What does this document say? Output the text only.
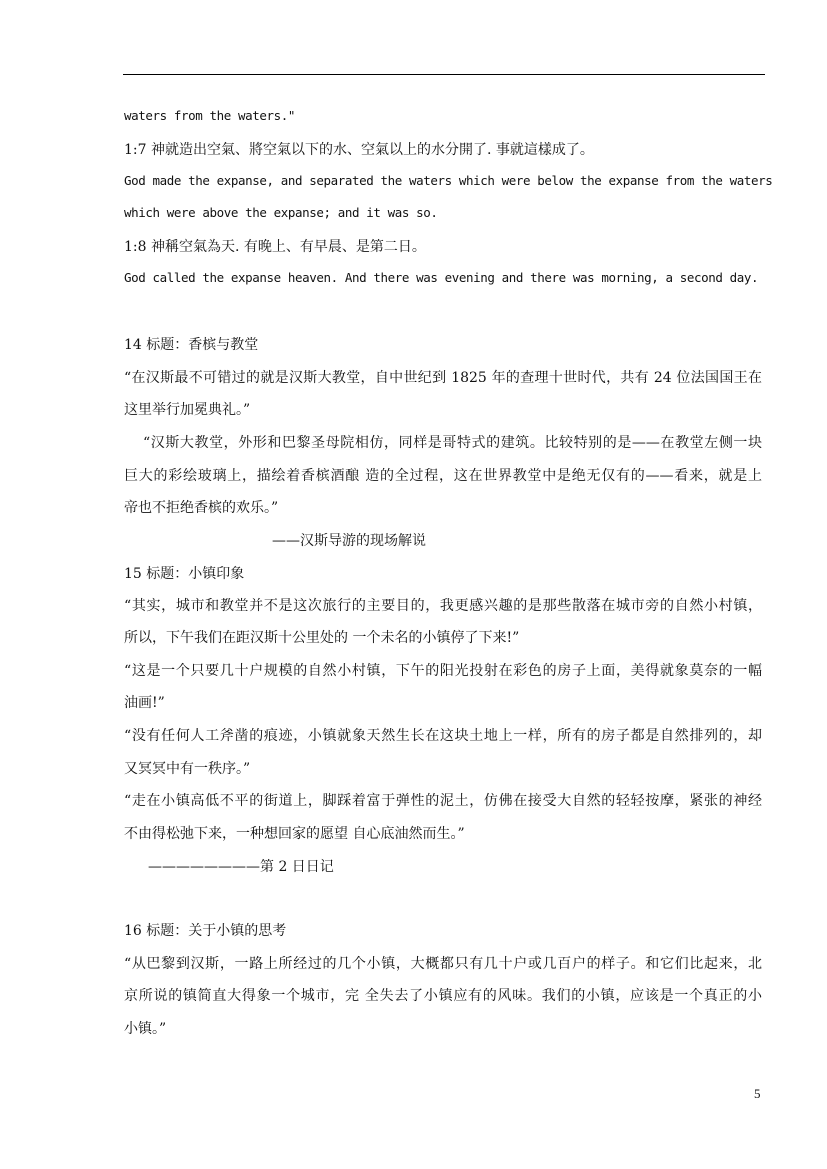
waters from the waters."
1:7 神就造出空氣、將空氣以下的水、空氣以上的水分開了. 事就這樣成了。
God made the expanse, and separated the waters which were below the expanse from the waters
which were above the expanse; and it was so.
1:8 神稱空氣為天. 有晚上、有早晨、是第二日。
God called the expanse heaven. And there was evening and there was morning, a second day.
14 标题：香槟与教堂
“在汉斯最不可错过的就是汉斯大教堂，自中世纪到 1825 年的查理十世时代，共有 24 位法国国王在
这里举行加冕典礼。”
“汉斯大教堂，外形和巴黎圣母院相仿，同样是哥特式的建筑。比较特别的是——在教堂左侧一块
巨大的彩绘玻璃上，描绘着香槟酒酿 造的全过程，这在世界教堂中是绝无仅有的——看来，就是上
帝也不拒绝香槟的欢乐。”
——汉斯导游的现场解说
15 标题：小镇印象
“其实，城市和教堂并不是这次旅行的主要目的，我更感兴趣的是那些散落在城市旁的自然小村镇，
所以，下午我们在距汉斯十公里处的 一个未名的小镇停了下来!”
“这是一个只要几十户规模的自然小村镇，下午的阳光投射在彩色的房子上面，美得就象莫奈的一幅
油画!”
“没有任何人工斧凿的痕迹，小镇就象天然生长在这块土地上一样，所有的房子都是自然排列的，却
又冥冥中有一秩序。”
“走在小镇高低不平的街道上，脚踩着富于弹性的泥土，仿佛在接受大自然的轻轻按摩，紧张的神经
不由得松弛下来，一种想回家的愿望 自心底油然而生。”
————————第 2 日日记
16 标题：关于小镇的思考
“从巴黎到汉斯，一路上所经过的几个小镇，大概都只有几十户或几百户的样子。和它们比起来，北
京所说的镇简直大得象一个城市，完 全失去了小镇应有的风味。我们的小镇，应该是一个真正的小
小镇。”
5
